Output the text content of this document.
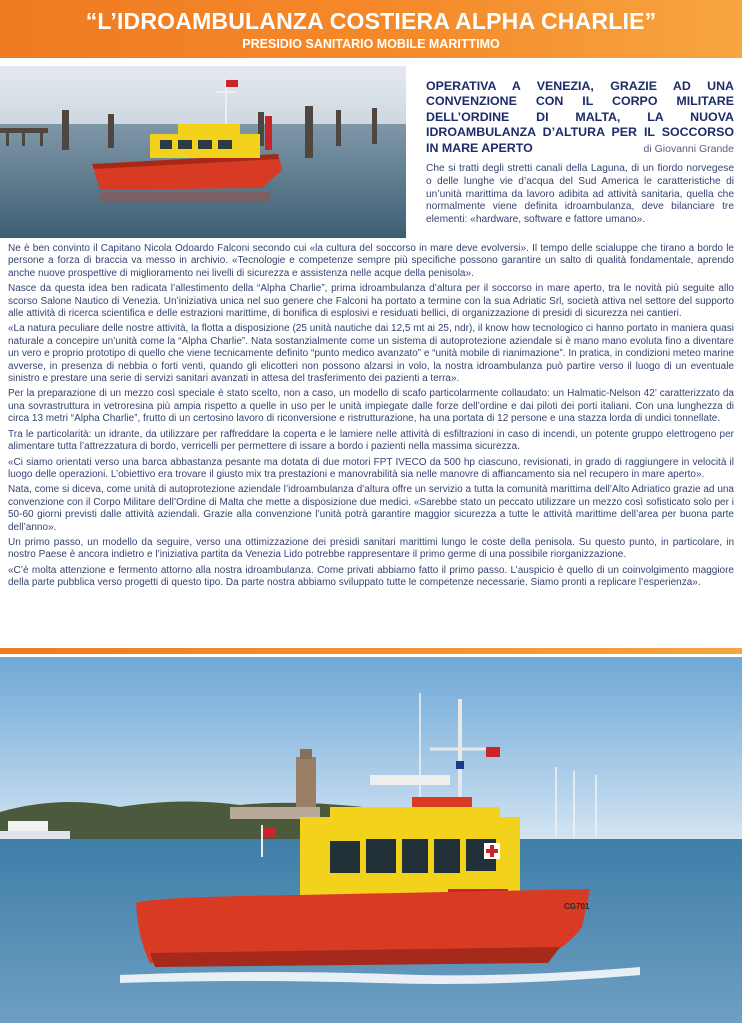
“L’IDROAMBULANZA COSTIERA ALPHA CHARLIE”
PRESIDIO SANITARIO MOBILE MARITTIMO
OPERATIVA A VENEZIA, GRAZIE AD UNA CONVENZIONE CON IL CORPO MILITARE DELL’ORDINE DI MALTA, LA NUOVA IDROAMBULANZA D’ALTURA PER IL SOCCORSO IN MARE APERTO	di Giovanni Grande
Che si tratti degli stretti canali della Laguna, di un fiordo norvegese o delle lunghe vie d’acqua del Sud America le caratteristiche di un’unità marittima da lavoro adibita ad attività sanitaria, quella che normalmente viene definita idroambulanza, deve bilanciare tre elementi: «hardware, software e fattore umano».

Ne è ben convinto il Capitano Nicola Odoardo Falconi secondo cui «la cultura del soccorso in mare deve evolversi». Il tempo delle scialuppe che tirano a bordo le persone a forza di braccia va messo in archivio. «Tecnologie e competenze sempre più specifiche possono garantire un salto di qualità fondamentale, aprendo anche nuove prospettive di miglioramento nei livelli di sicurezza e assistenza nelle acque della penisola».

Nasce da questa idea ben radicata l’allestimento della “Alpha Charlie”, prima idroambulanza d’altura per il soccorso in mare aperto, tra le novità più seguite allo scorso Salone Nautico di Venezia. Un’iniziativa unica nel suo genere che Falconi ha portato a termine con la sua Adriatic Srl, società attiva nel settore del supporto alle attività di ricerca scientifica e delle estrazioni marittime, di bonifica di esplosivi e residuati bellici, di organizzazione di presidi di sicurezza nei cantieri.

«La natura peculiare delle nostre attività, la flotta a disposizione (25 unità nautiche dai 12,5 mt ai 25, ndr), il know how tecnologico ci hanno portato in maniera quasi naturale a concepire un’unità come la “Alpha Charlie”. Nata sostanzialmente come un sistema di autoprotezione aziendale si è mano mano evoluta fino a diventare un vero e proprio prototipo di quello che viene tecnicamente definito “punto medico avanzato” e “unità mobile di rianimazione”. In pratica, in condizioni meteo marine avverse, in presenza di nebbia o forti venti, quando gli elicotteri non possono alzarsi in volo, la nostra idroambulanza può partire verso il luogo di un eventuale sinistro e prestare una serie di servizi sanitari avanzati in attesa del trasferimento dei pazienti a terra».

Per la preparazione di un mezzo così speciale è stato scelto, non a caso, un modello di scafo particolarmente collaudato: un Halmatic-Nelson 42’ caratterizzato da una sovrastruttura in vetroresina più ampia rispetto a quelle in uso per le unità impiegate dalle forze dell’ordine e dai piloti dei porti italiani. Con una lunghezza di circa 13 metri “Alpha Charlie”, frutto di un certosino lavoro di riconversione e ristrutturazione, ha una portata di 12 persone e una stazza lorda di undici tonnellate.

Tra le particolarità: un idrante, da utilizzare per raffreddare la coperta e le lamiere nelle attività di esfiltrazioni in caso di incendi, un potente gruppo elettrogeno per alimentare tutta l’attrezzatura di bordo, verricelli per permettere di issare a bordo i pazienti nella massima sicurezza.

«Ci siamo orientati verso una barca abbastanza pesante ma dotata di due motori FPT IVECO da 500 hp ciascuno, revisionati, in grado di raggiungere in velocità il luogo delle operazioni. L’obiettivo era trovare il giusto mix tra prestazioni e manovrabilità sia nelle manovre di affiancamento sia nel recupero in mare aperto».

Nata, come si diceva, come unità di autoprotezione aziendale l’idroambulanza d’altura offre un servizio a tutta la comunità marittima dell’Alto Adriatico grazie ad una convenzione con il Corpo Militare dell’Ordine di Malta che mette a disposizione due medici. «Sarebbe stato un peccato utilizzare un mezzo così sofisticato solo per i 50-60 giorni previsti dalle attività aziendali. Grazie alla convenzione l’unità potrà garantire maggior sicurezza a tutte le attività marittime dell’area per buona parte dell’anno».

Un primo passo, un modello da seguire, verso una ottimizzazione dei presidi sanitari marittimi lungo le coste della penisola. Su questo punto, in particolare, in nostro Paese è ancora indietro e l’iniziativa partita da Venezia Lido potrebbe rappresentare il primo germe di una possibile riorganizzazione.

«C’è molta attenzione e fermento attorno alla nostra idroambulanza. Come privati abbiamo fatto il primo passo. L’auspicio è quello di un coinvolgimento maggiore della parte pubblica verso progetti di questo tipo. Da parte nostra abbiamo sviluppato tutte le competenze necessarie. Siamo pronti a replicare l’esperienza».

CG701
